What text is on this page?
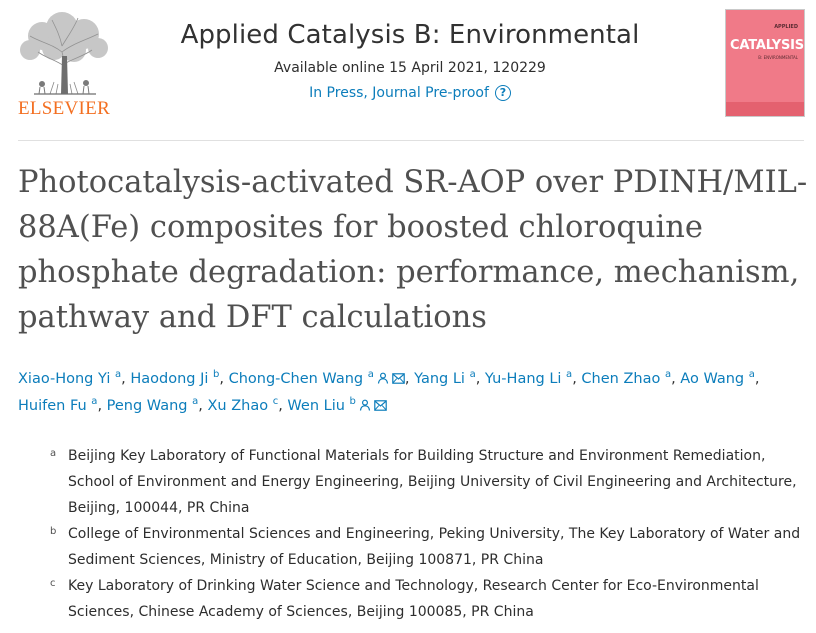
ELSEVIER
Applied Catalysis B: Environmental
Available online 15 April 2021, 120229
In Press, Journal Pre-proof ?
APPLIED
CATALYSIS
B: ENVIRONMENTAL
Photocatalysis-activated SR-AOP over PDINH/MIL-88A(Fe) composites for boosted chloroquine phosphate degradation: performance, mechanism, pathway and DFT calculations
Xiao-Hong Yi $^a$, Haodong Ji $^b$, Chong-Chen Wang $^a$ , Yang Li $^a$, Yu-Hang Li $^a$, Chen Zhao $^a$, Ao Wang $^a$, Huifen Fu $^a$, Peng Wang $^a$, Xu Zhao $^c$, Wen Liu $^b$
a Beijing Key Laboratory of Functional Materials for Building Structure and Environment Remediation, School of Environment and Energy Engineering, Beijing University of Civil Engineering and Architecture, Beijing, 100044, PR China
b College of Environmental Sciences and Engineering, Peking University, The Key Laboratory of Water and Sediment Sciences, Ministry of Education, Beijing 100871, PR China
c Key Laboratory of Drinking Water Science and Technology, Research Center for Eco-Environmental Sciences, Chinese Academy of Sciences, Beijing 100085, PR China
